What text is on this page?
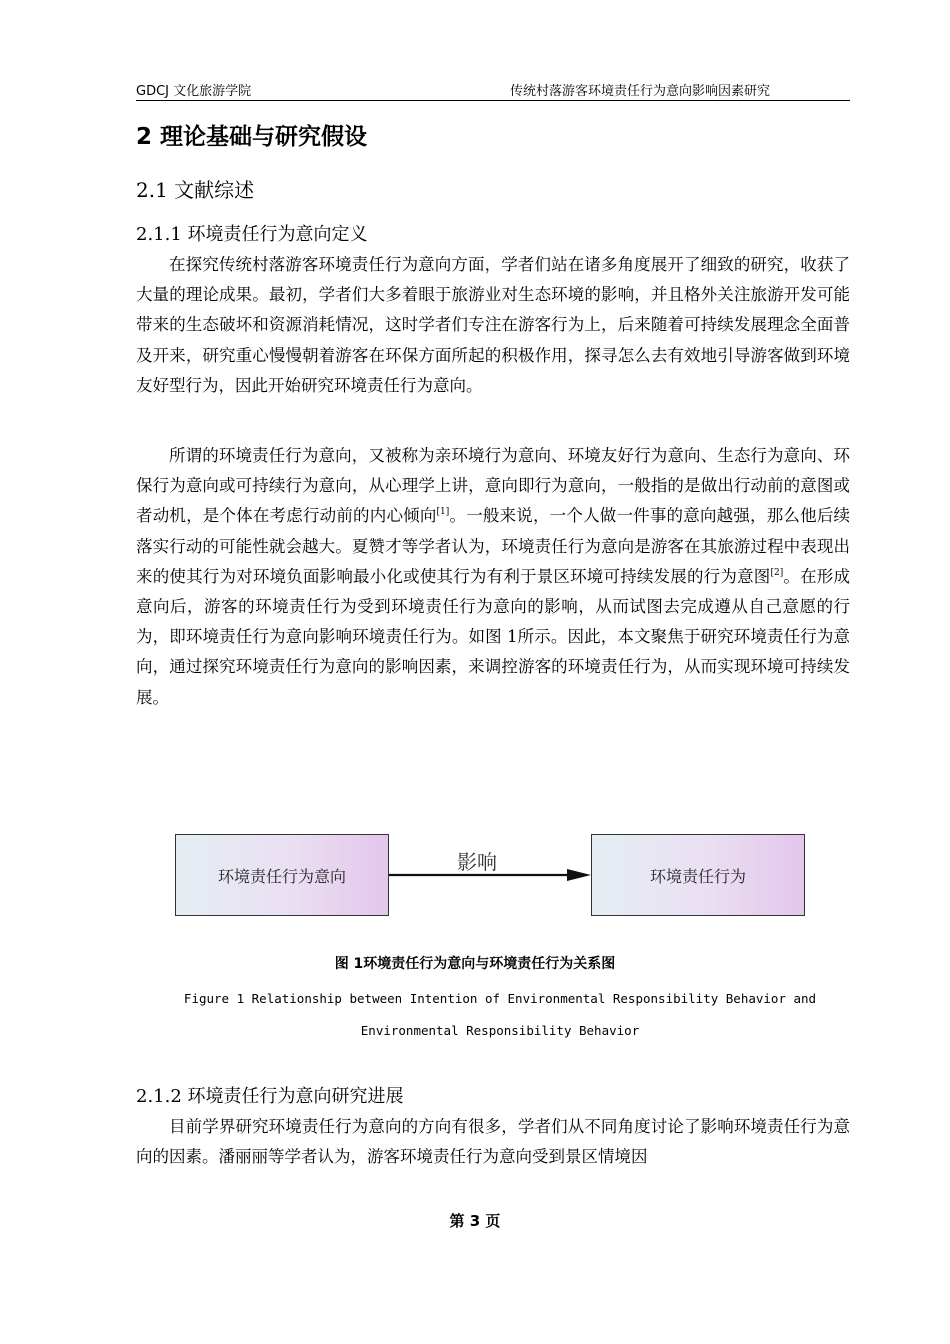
GDCJ 文化旅游学院	传统村落游客环境责任行为意向影响因素研究
2 理论基础与研究假设
2.1 文献综述
2.1.1 环境责任行为意向定义

在探究传统村落游客环境责任行为意向方面，学者们站在诸多角度展开了细致的研究，收获了大量的理论成果。最初，学者们大多着眼于旅游业对生态环境的影响，并且格外关注旅游开发可能带来的生态破坏和资源消耗情况，这时学者们专注在游客行为上，后来随着可持续发展理念全面普及开来，研究重心慢慢朝着游客在环保方面所起的积极作用，探寻怎么去有效地引导游客做到环境友好型行为，因此开始研究环境责任行为意向。

所谓的环境责任行为意向，又被称为亲环境行为意向、环境友好行为意向、生态行为意向、环保行为意向或可持续行为意向，从心理学上讲，意向即行为意向，一般指的是做出行动前的意图或者动机，是个体在考虑行动前的内心倾向[1]。一般来说，一个人做一件事的意向越强，那么他后续落实行动的可能性就会越大。夏赞才等学者认为，环境责任行为意向是游客在其旅游过程中表现出来的使其行为对环境负面影响最小化或使其行为有利于景区环境可持续发展的行为意图[2]。在形成意向后，游客的环境责任行为受到环境责任行为意向的影响，从而试图去完成遵从自己意愿的行为，即环境责任行为意向影响环境责任行为。如图 1所示。因此，本文聚焦于研究环境责任行为意向，通过探究环境责任行为意向的影响因素，来调控游客的环境责任行为，从而实现环境可持续发展。

环境责任行为意向
影响
环境责任行为
图 1环境责任行为意向与环境责任行为关系图
Figure 1 Relationship between Intention of Environmental Responsibility Behavior and Environmental Responsibility Behavior
2.1.2 环境责任行为意向研究进展

目前学界研究环境责任行为意向的方向有很多，学者们从不同角度讨论了影响环境责任行为意向的因素。潘丽丽等学者认为，游客环境责任行为意向受到景区情境因

第 3 页
